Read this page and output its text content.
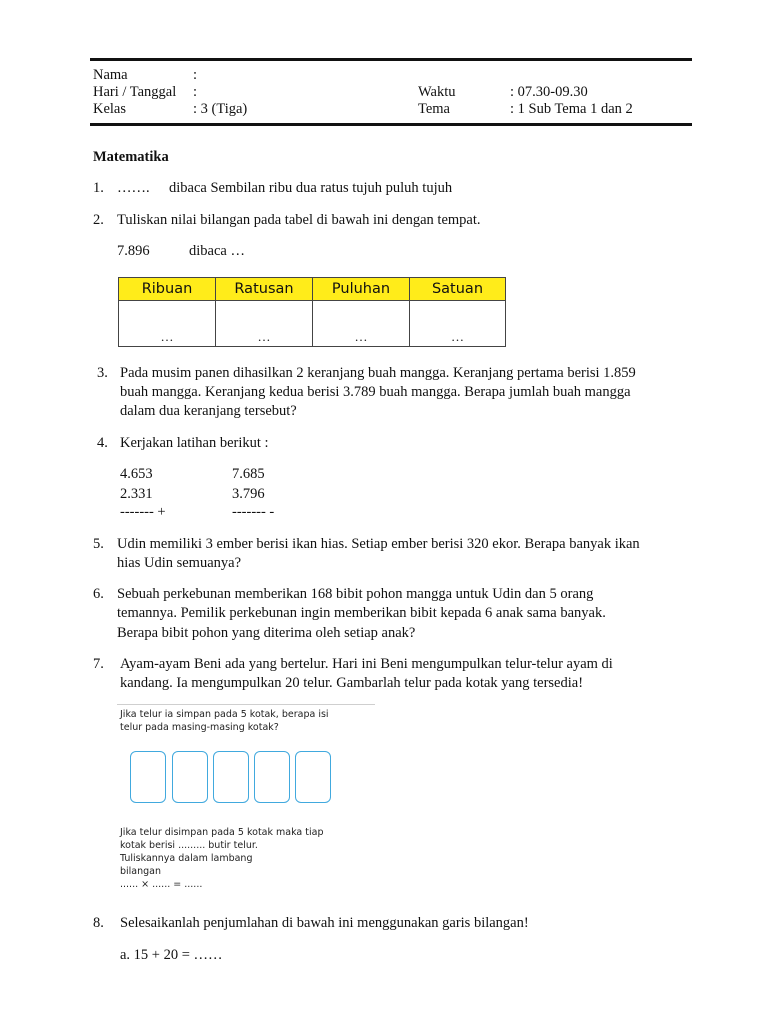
Nama	:
Hari / Tanggal :
Kelas	: 3 (Tiga)
Waktu	: 07.30-09.30
Tema	: 1 Sub Tema 1 dan 2
Matematika
1. ……. dibaca Sembilan ribu dua ratus tujuh puluh tujuh
2. Tuliskan nilai bilangan pada tabel di bawah ini dengan tempat.
7.896	dibaca …
Ribuan	Ratusan	Puluhan	Satuan
…	…	…	…
3. Pada musim panen dihasilkan 2 keranjang buah mangga. Keranjang pertama berisi 1.859
buah mangga. Keranjang kedua berisi 3.789 buah mangga. Berapa jumlah buah mangga
dalam dua keranjang tersebut?
4. Kerjakan latihan berikut :
4.653
2.331
------- +
7.685
3.796
------- -
5. Udin memiliki 3 ember berisi ikan hias. Setiap ember berisi 320 ekor. Berapa banyak ikan
hias Udin semuanya?
6. Sebuah perkebunan memberikan 168 bibit pohon mangga untuk Udin dan 5 orang
temannya. Pemilik perkebunan ingin memberikan bibit kepada 6 anak sama banyak.
Berapa bibit pohon yang diterima oleh setiap anak?
7. Ayam-ayam Beni ada yang bertelur. Hari ini Beni mengumpulkan telur-telur ayam di
kandang. Ia mengumpulkan 20 telur. Gambarlah telur pada kotak yang tersedia!
Jika telur ia simpan pada 5 kotak, berapa isi
telur pada masing-masing kotak?
Jika telur disimpan pada 5 kotak maka tiap
kotak berisi ......... butir telur.
Tuliskannya dalam lambang
bilangan
...... × ...... = ......
8. Selesaikanlah penjumlahan di bawah ini menggunakan garis bilangan!
a. 15 + 20 = ……
